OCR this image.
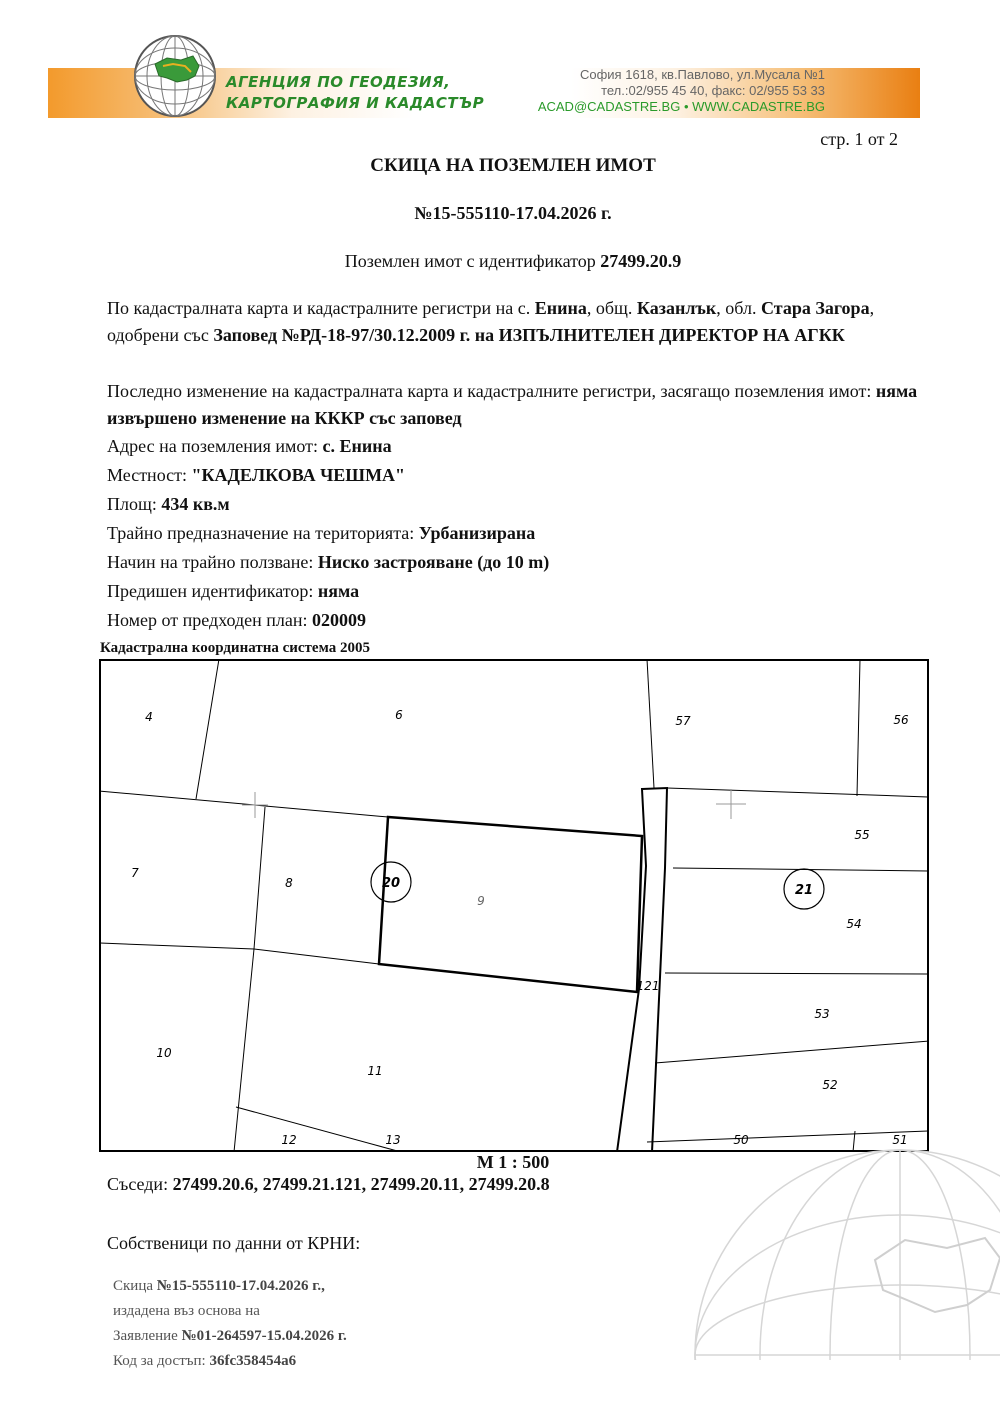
АГЕНЦИЯ ПО ГЕОДЕЗИЯ,
КАРТОГРАФИЯ И КАДАСТЪР
София 1618, кв.Павлово, ул.Мусала №1
тел.:02/955 45 40, факс: 02/955 53 33
ACAD@CADASTRE.BG • WWW.CADASTRE.BG
стр. 1 от 2
СКИЦА НА ПОЗЕМЛЕН ИМОТ
№15-555110-17.04.2026 г.
Поземлен имот с идентификатор 27499.20.9
По кадастралната карта и кадастралните регистри на с. Енина, общ. Казанлък, обл. Стара Загора, одобрени със Заповед №РД-18-97/30.12.2009 г. на ИЗПЪЛНИТЕЛЕН ДИРЕКТОР НА АГКК
Последно изменение на кадастралната карта и кадастралните регистри, засягащо поземления имот: няма извършено изменение на КККР със заповед
Адрес на поземления имот: с. Енина
Местност: "КАДЕЛКОВА ЧЕШМА"
Площ: 434 кв.м
Трайно предназначение на територията: Урбанизирана
Начин на трайно ползване: Ниско застрояване (до 10 m)
Предишен идентификатор: няма
Номер от предходен план: 020009
Кадастрална координатна система 2005
4	6	57	56
7
8
9
55
54
10
11
121
53
52
12	13	50	51
20	21
М 1 : 500
Съседи: 27499.20.6, 27499.21.121, 27499.20.11, 27499.20.8
Собственици по данни от КРНИ:
Скица №15-555110-17.04.2026 г.,
издадена въз основа на
Заявление №01-264597-15.04.2026 г.
Код за достъп: 36fc358454a6
